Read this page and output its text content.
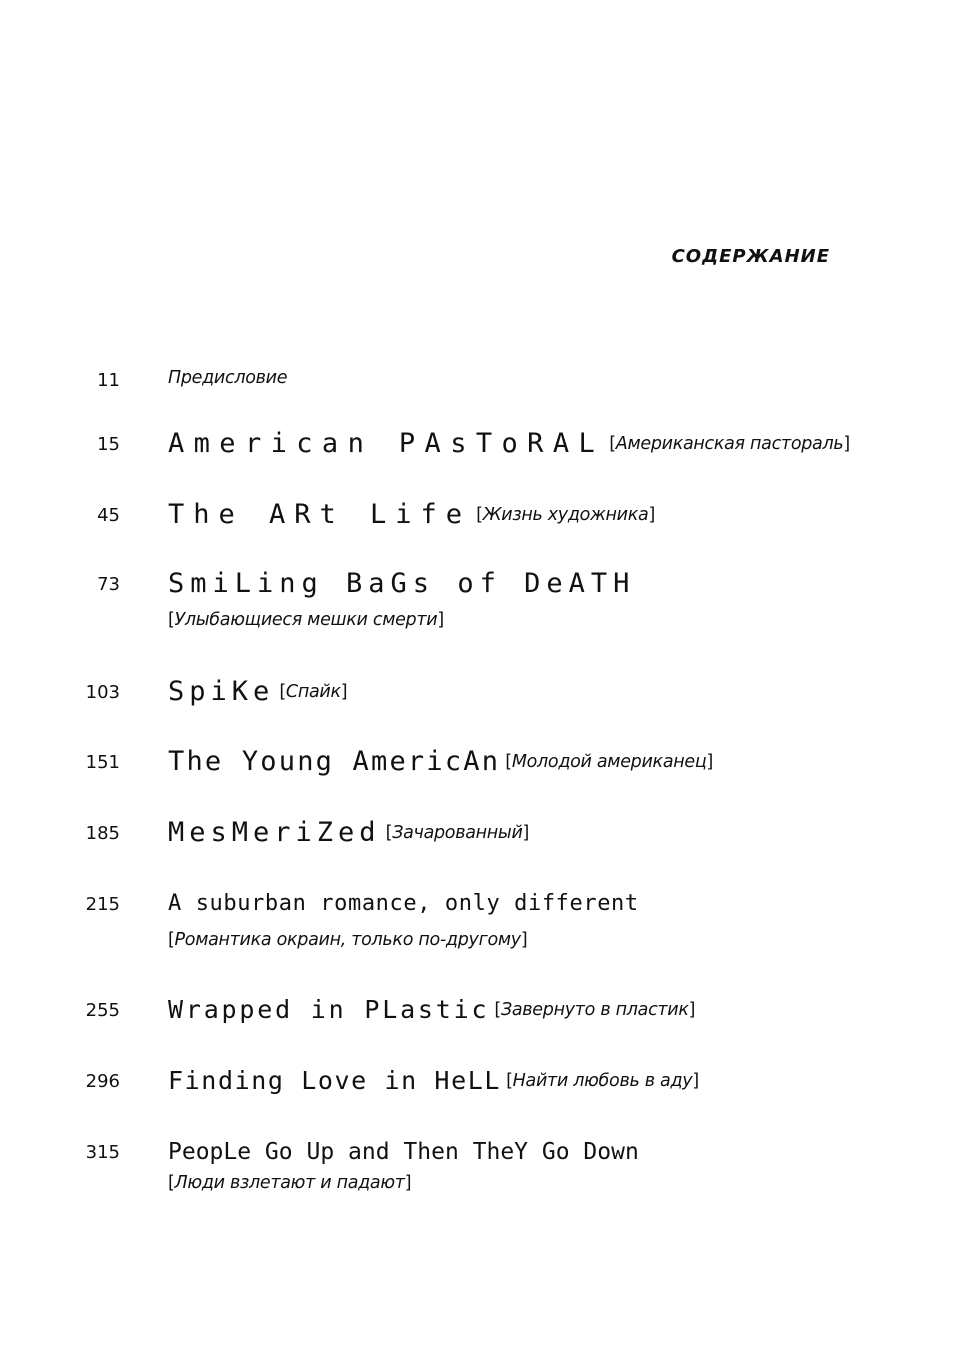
СОДЕРЖАНИЕ
11	Предисловие
15 American PAsToRAL [Американская пастораль]
45 The ARt Life [Жизнь художника]
73 SmiLing BaGs of DeATH
[Улыбающиеся мешки смерти]
103 SpiKe [Спайк]
151 The Young AmericAn [Молодой американец]
185 MesMeriZed [Зачарованный]
215 A suburban romance, only different
[Романтика окраин, только по-другому]
255 Wrapped in PLastic [Завернуто в пластик]
296 Finding Love in HeLL [Найти любовь в аду]
315 PeopLe Go Up and Then TheY Go Down
[Люди взлетают и падают]
